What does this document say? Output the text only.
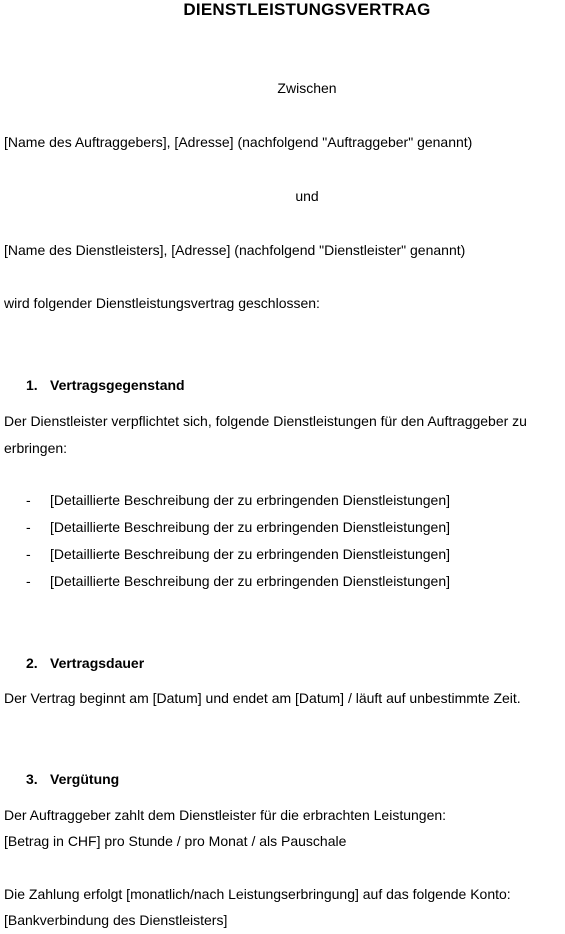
DIENSTLEISTUNGSVERTRAG
Zwischen
[Name des Auftraggebers], [Adresse] (nachfolgend "Auftraggeber" genannt)
und
[Name des Dienstleisters], [Adresse] (nachfolgend "Dienstleister" genannt)
wird folgender Dienstleistungsvertrag geschlossen:
1. Vertragsgegenstand
Der Dienstleister verpflichtet sich, folgende Dienstleistungen für den Auftraggeber zu
erbringen:
- [Detaillierte Beschreibung der zu erbringenden Dienstleistungen]
- [Detaillierte Beschreibung der zu erbringenden Dienstleistungen]
- [Detaillierte Beschreibung der zu erbringenden Dienstleistungen]
- [Detaillierte Beschreibung der zu erbringenden Dienstleistungen]
2. Vertragsdauer
Der Vertrag beginnt am [Datum] und endet am [Datum] / läuft auf unbestimmte Zeit.
3. Vergütung
Der Auftraggeber zahlt dem Dienstleister für die erbrachten Leistungen:
[Betrag in CHF] pro Stunde / pro Monat / als Pauschale
Die Zahlung erfolgt [monatlich/nach Leistungserbringung] auf das folgende Konto:
[Bankverbindung des Dienstleisters]
